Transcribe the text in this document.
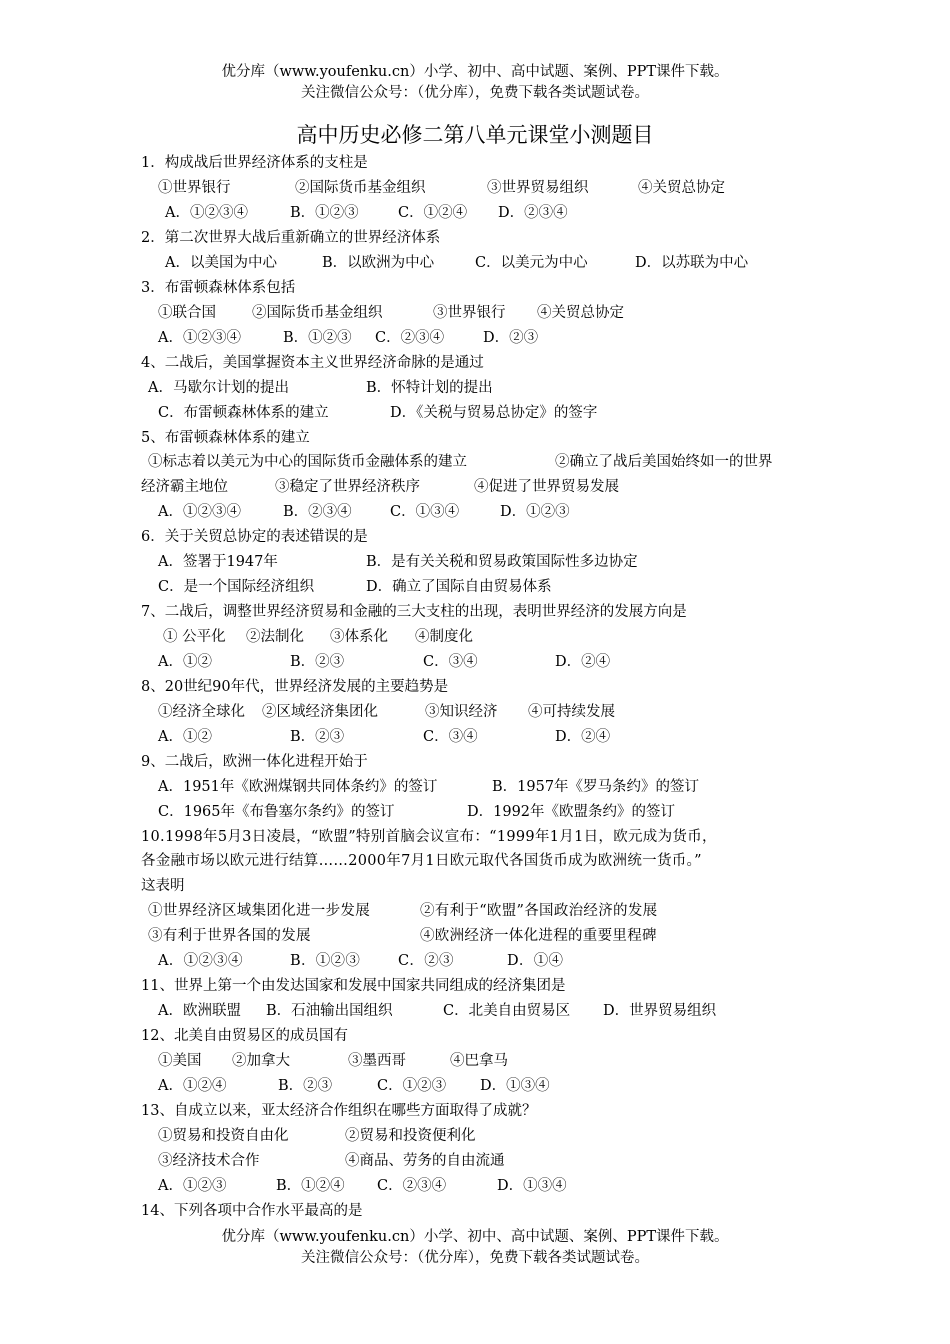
优分库（www.youfenku.cn）小学、初中、高中试题、案例、PPT课件下载。
关注微信公众号：（优分库），免费下载各类试题试卷。
高中历史必修二第八单元课堂小测题目
1．构成战后世界经济体系的支柱是
①世界银行	②国际货币基金组织	③世界贸易组织	④关贸总协定
A．①②③④	B．①②③	C．①②④ D．②③④
2．第二次世界大战后重新确立的世界经济体系
A．以美国为中心	B．以欧洲为中心	C．以美元为中心	D．以苏联为中心
3．布雷顿森林体系包括
①联合国 ②国际货币基金组织	③世界银行 ④关贸总协定
A．①②③④	B．①②③ C．②③④	D．②③
4、二战后，美国掌握资本主义世界经济命脉的是通过
A．马歇尔计划的提出	B．怀特计划的提出
C．布雷顿森林体系的建立	D．《关税与贸易总协定》的签字
5、布雷顿森林体系的建立
①标志着以美元为中心的国际货币金融体系的建立	②确立了战后美国始终如一的世界
经济霸主地位	③稳定了世界经济秩序	④促进了世界贸易发展
A．①②③④	B．②③④	C．①③④	D．①②③
6．关于关贸总协定的表述错误的是
A．签署于1947年	B．是有关关税和贸易政策国际性多边协定
C．是一个国际经济组织	D．确立了国际自由贸易体系
7、二战后，调整世界经济贸易和金融的三大支柱的出现，表明世界经济的发展方向是
① 公平化 ②法制化 ③体系化 ④制度化
A．①②	B．②③	C．③④	D．②④
8、20世纪90年代，世界经济发展的主要趋势是
①经济全球化 ②区域经济集团化	③知识经济 ④可持续发展
A．①②	B．②③	C．③④	D．②④
9、二战后，欧洲一体化进程开始于
A．1951年《欧洲煤钢共同体条约》的签订	B．1957年《罗马条约》的签订
C．1965年《布鲁塞尔条约》的签订	D．1992年《欧盟条约》的签订
10.1998年5月3日凌晨，“欧盟”特别首脑会议宣布：“1999年1月1日，欧元成为货币，
各金融市场以欧元进行结算……2000年7月1日欧元取代各国货币成为欧洲统一货币。”
这表明
①世界经济区域集团化进一步发展	②有利于“欧盟”各国政治经济的发展
③有利于世界各国的发展	④欧洲经济一体化进程的重要里程碑
A．①②③④	B．①②③	C．②③	D．①④
11、世界上第一个由发达国家和发展中国家共同组成的经济集团是
A．欧洲联盟 B．石油输出国组织	C．北美自由贸易区 D．世界贸易组织
12、北美自由贸易区的成员国有
①美国 ②加拿大	③墨西哥	④巴拿马
A．①②④	B．②③	C．①②③ D．①③④
13、自成立以来，亚太经济合作组织在哪些方面取得了成就？
①贸易和投资自由化	②贸易和投资便利化
③经济技术合作	④商品、劳务的自由流通
A．①②③	B．①②④ C．②③④	D．①③④
14、下列各项中合作水平最高的是
优分库（www.youfenku.cn）小学、初中、高中试题、案例、PPT课件下载。
关注微信公众号：（优分库），免费下载各类试题试卷。
